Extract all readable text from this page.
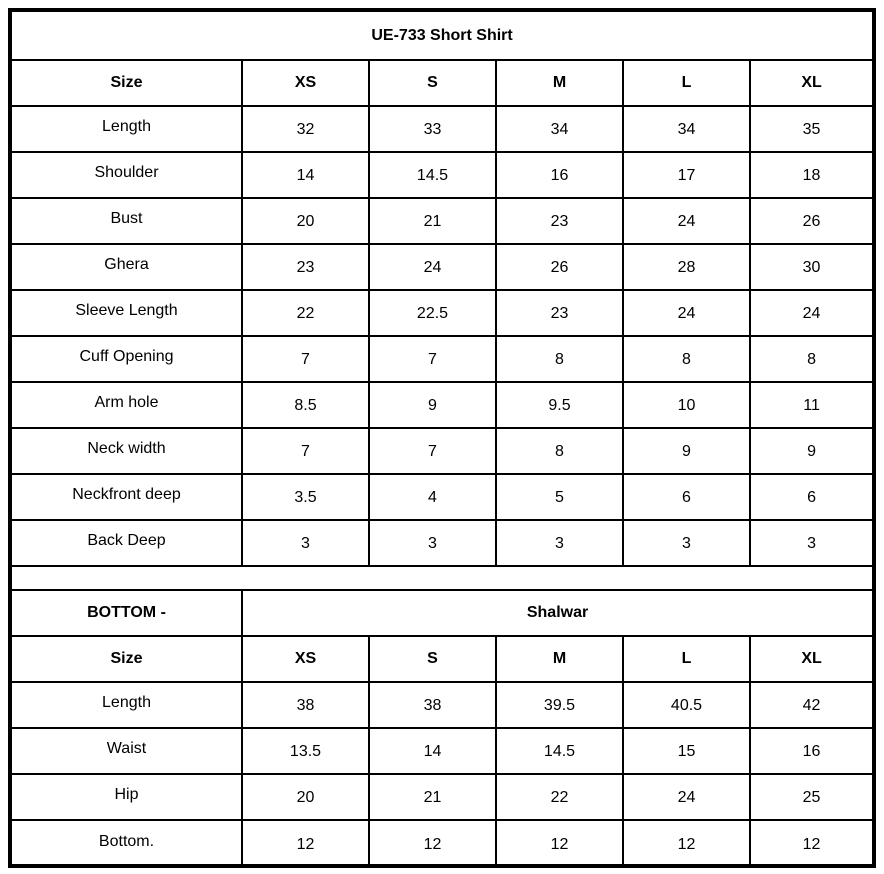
UE-733 Short Shirt					
Size	XS	S	M	L	XL
Length	32	33	34	34	35
Shoulder	14	14.5	16	17	18
Bust	20	21	23	24	26
Ghera	23	24	26	28	30
Sleeve Length	22	22.5	23	24	24
Cuff Opening	7	7	8	8	8
Arm hole	8.5	9	9.5	10	11
Neck width	7	7	8	9	9
Neckfront deep	3.5	4	5	6	6
Back Deep	3	3	3	3	3

BOTTOM -	Shalwar				
Size	XS	S	M	L	XL
Length	38	38	39.5	40.5	42
Waist	13.5	14	14.5	15	16
Hip	20	21	22	24	25
Bottom.	12	12	12	12	12
